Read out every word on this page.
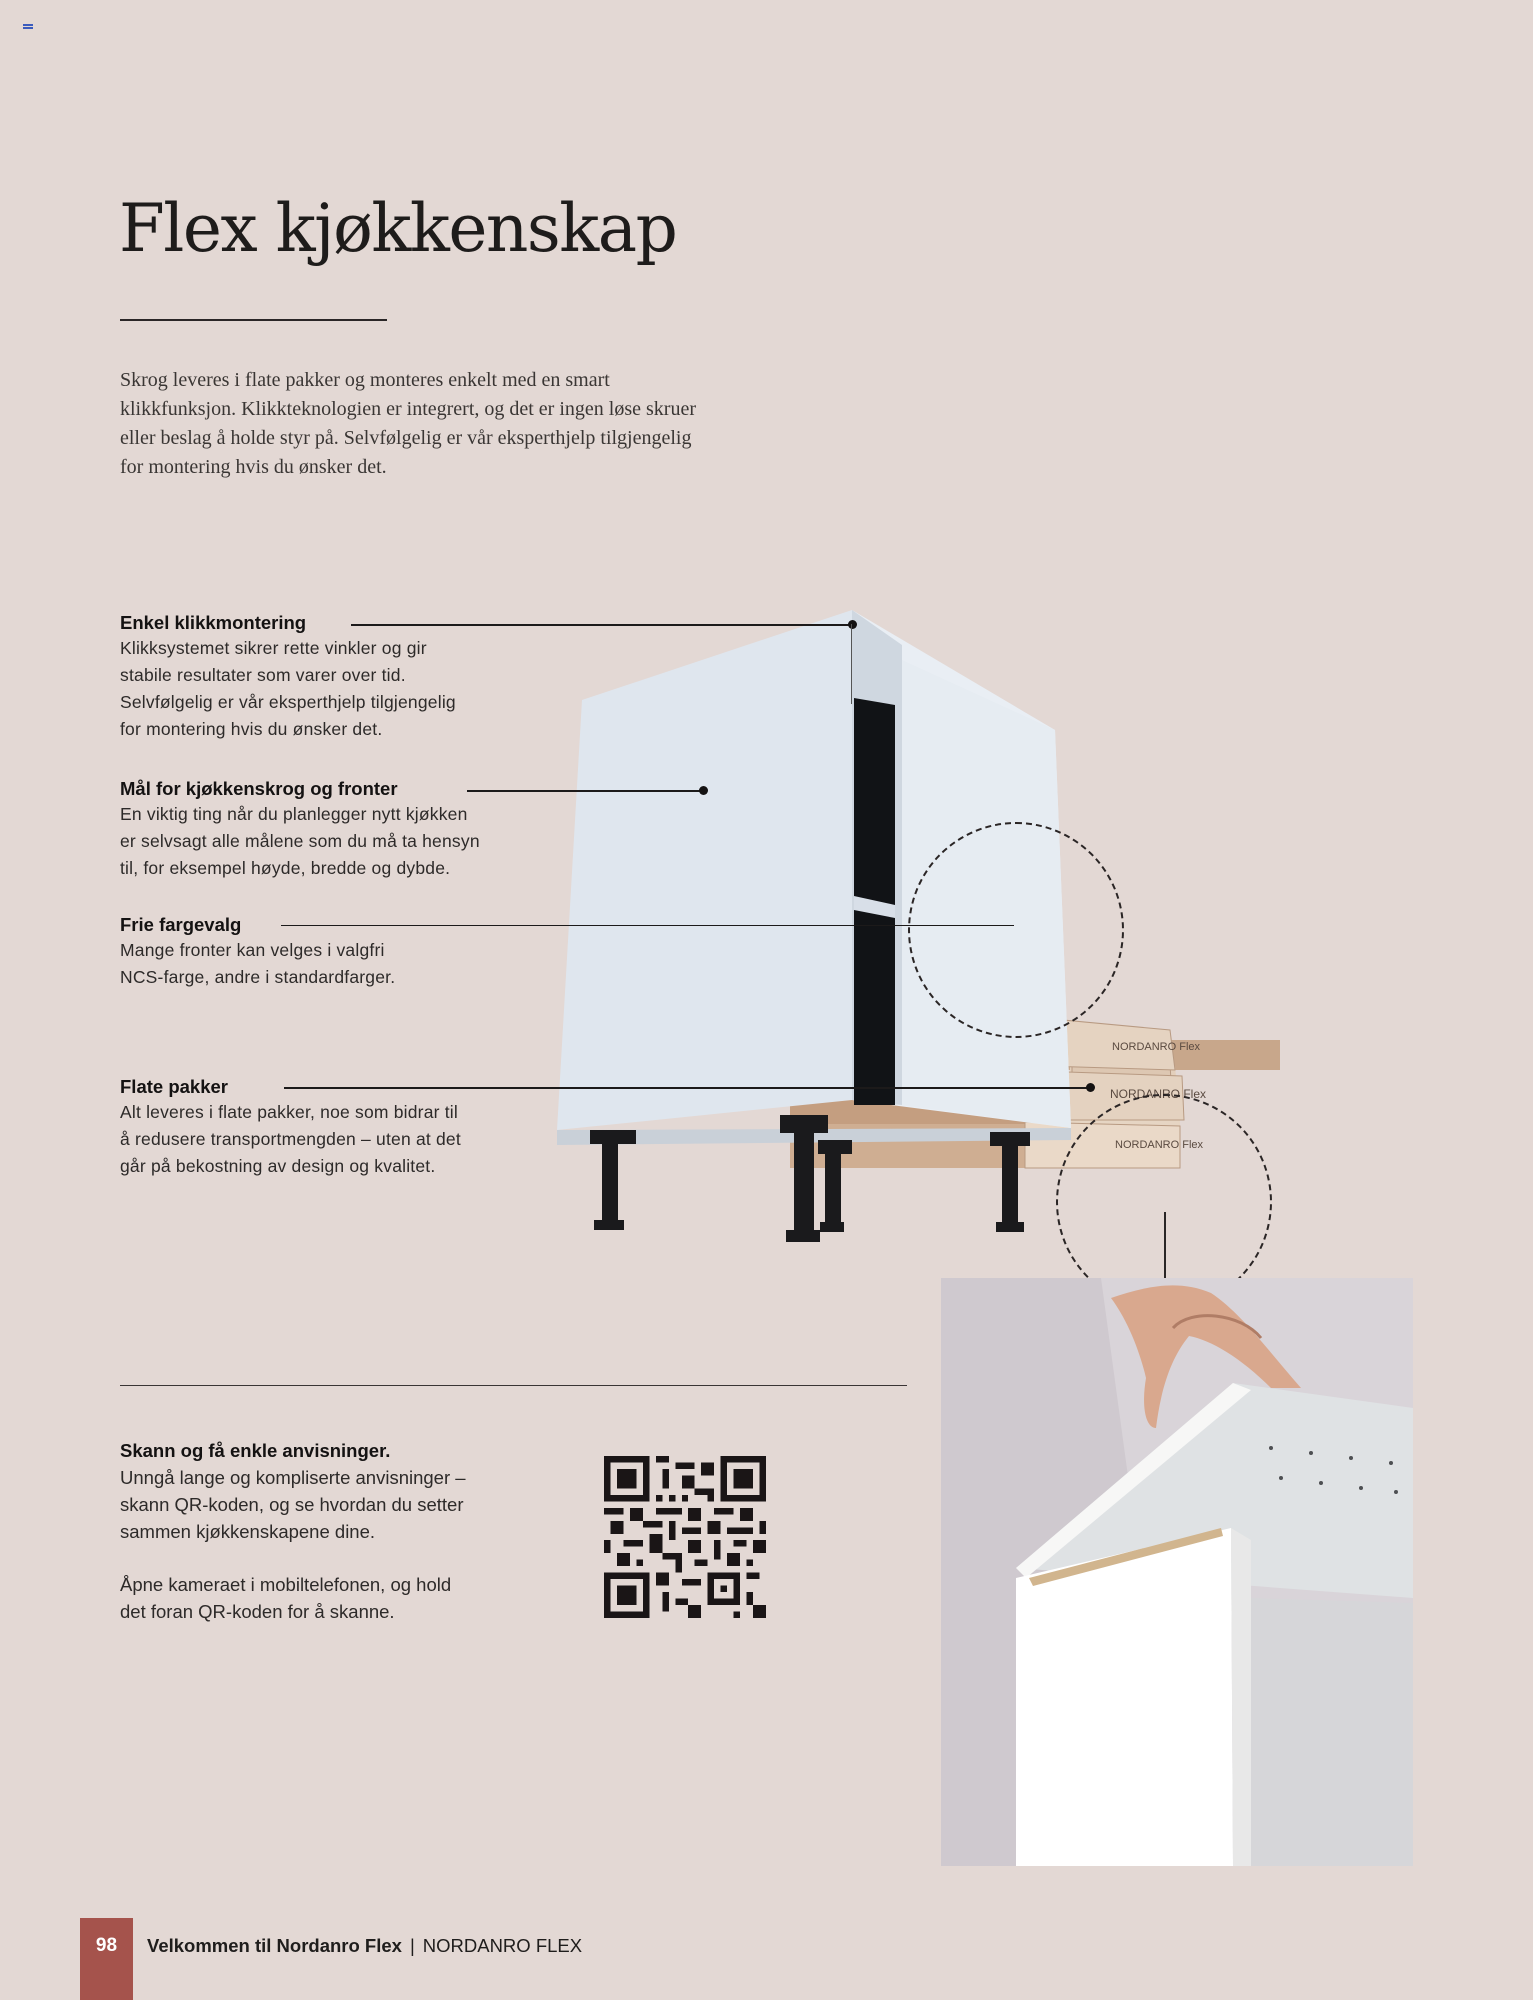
Flex kjøkkenskap

Skrog leveres i flate pakker og monteres enkelt med en smart klikkfunksjon. Klikkteknologien er integrert, og det er ingen løse skruer eller beslag å holde styr på. Selvfølgelig er vår eksperthjelp tilgjengelig for montering hvis du ønsker det.

NORDANRO Flex
NORDANRO Flex
NORDANRO Flex

Enkel klikkmontering

Klikksystemet sikrer rette vinkler og gir

stabile resultater som varer over tid.

Selvfølgelig er vår eksperthjelp tilgjengelig

for montering hvis du ønsker det.

Mål for kjøkkenskrog og fronter

En viktig ting når du planlegger nytt kjøkken

er selvsagt alle målene som du må ta hensyn

til, for eksempel høyde, bredde og dybde.

Frie fargevalg

Mange fronter kan velges i valgfri

NCS-farge, andre i standardfarger.

Flate pakker

Alt leveres i flate pakker, noe som bidrar til

å redusere transportmengden – uten at det

går på bekostning av design og kvalitet.

Skann og få enkle anvisninger.

Unngå lange og kompliserte anvisninger –

skann QR-koden, og se hvordan du setter

sammen kjøkkenskapene dine.

Åpne kameraet i mobiltelefonen, og hold

det foran QR-koden for å skanne.

98	Velkommen til Nordanro Flex | NORDANRO FLEX
